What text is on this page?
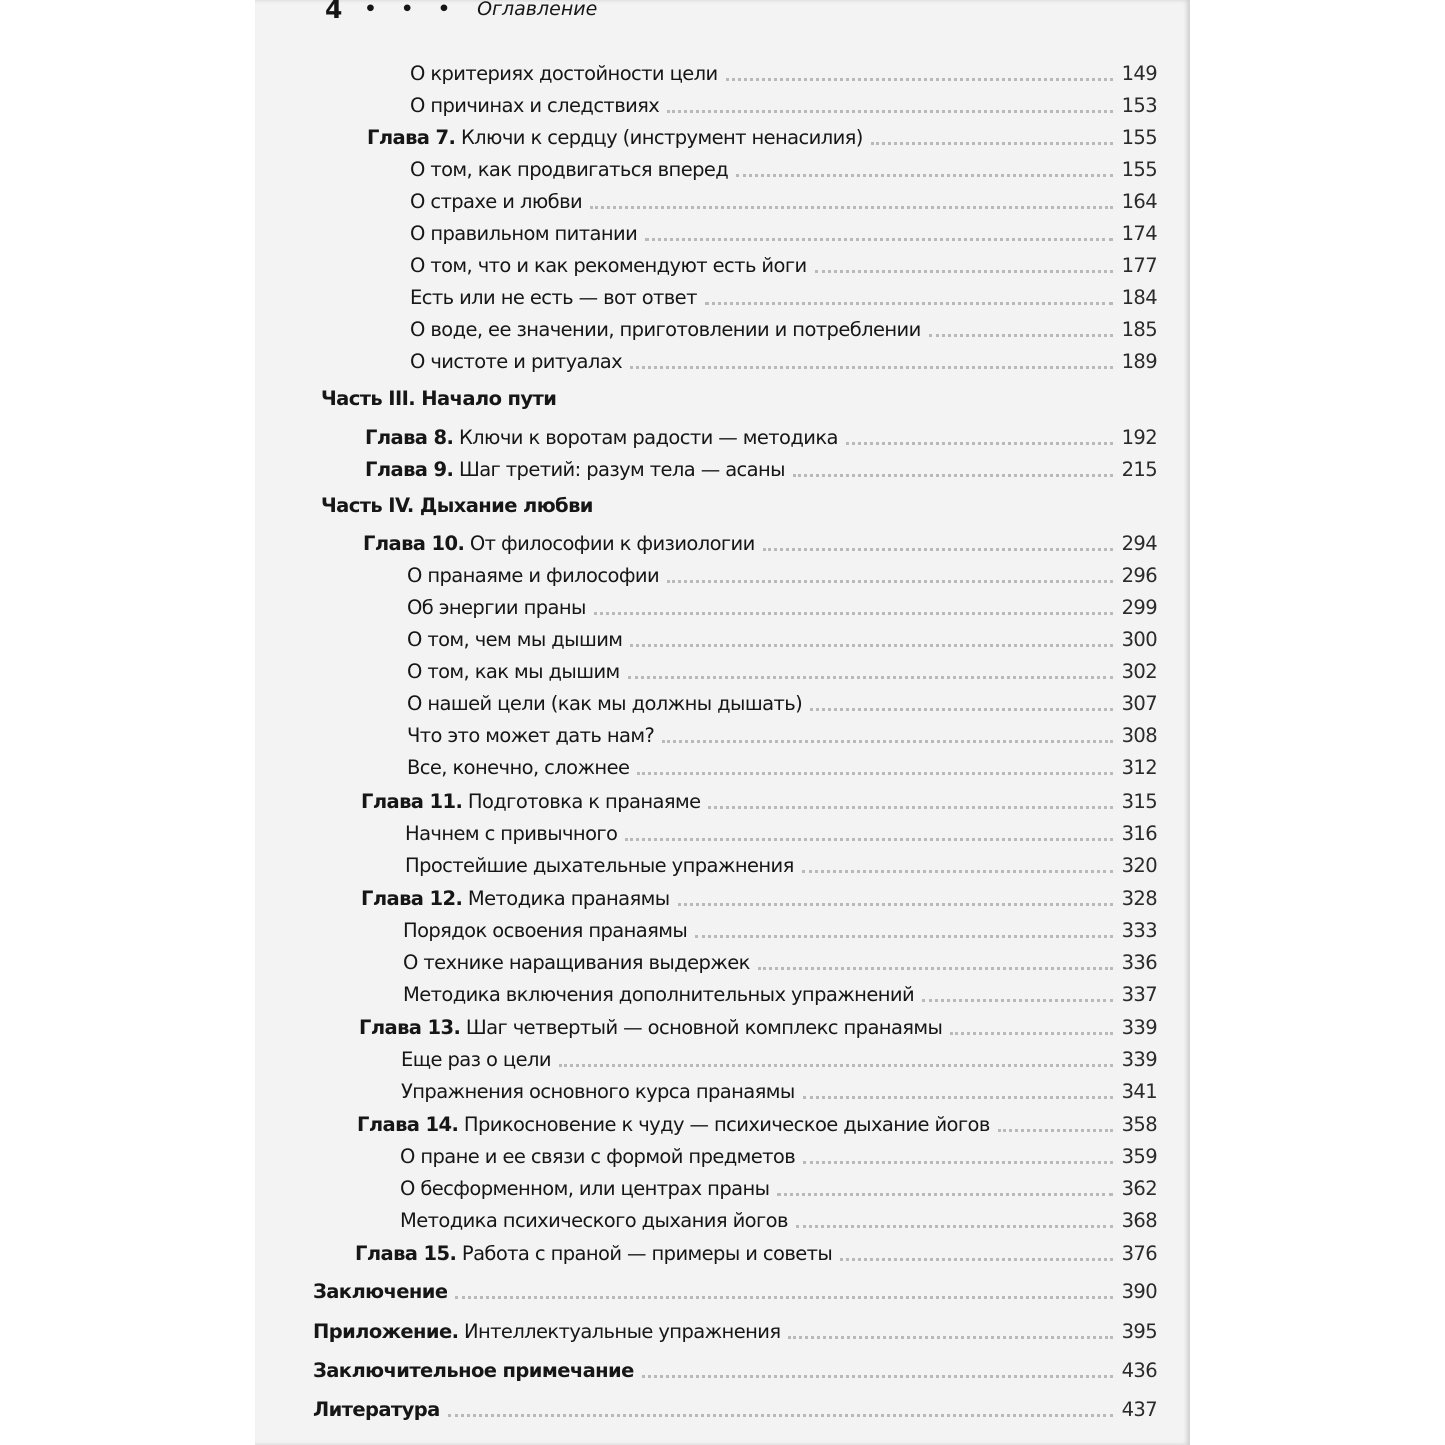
4 • • • Оглавление
О критериях достойности цели	149
О причинах и следствиях	153
Глава 7. Ключи к сердцу (инструмент ненасилия)	155
О том, как продвигаться вперед	155
О страхе и любви	164
О правильном питании	174
О том, что и как рекомендуют есть йоги	177
Есть или не есть — вот ответ	184
О воде, ее значении, приготовлении и потреблении	185
О чистоте и ритуалах	189
Часть III. Начало пути
Глава 8. Ключи к воротам радости — методика	192
Глава 9. Шаг третий: разум тела — асаны	215
Часть IV. Дыхание любви
Глава 10. От философии к физиологии	294
О пранаяме и философии	296
Об энергии праны	299
О том, чем мы дышим	300
О том, как мы дышим	302
О нашей цели (как мы должны дышать)	307
Что это может дать нам?	308
Все, конечно, сложнее	312
Глава 11. Подготовка к пранаяме	315
Начнем с привычного	316
Простейшие дыхательные упражнения	320
Глава 12. Методика пранаямы	328
Порядок освоения пранаямы	333
О технике наращивания выдержек	336
Методика включения дополнительных упражнений	337
Глава 13. Шаг четвертый — основной комплекс пранаямы	339
Еще раз о цели	339
Упражнения основного курса пранаямы	341
Глава 14. Прикосновение к чуду — психическое дыхание йогов	358
О пране и ее связи с формой предметов	359
О бесформенном, или центрах праны	362
Методика психического дыхания йогов	368
Глава 15. Работа с праной — примеры и советы	376
Заключение	390
Приложение. Интеллектуальные упражнения	395
Заключительное примечание	436
Литература	437
